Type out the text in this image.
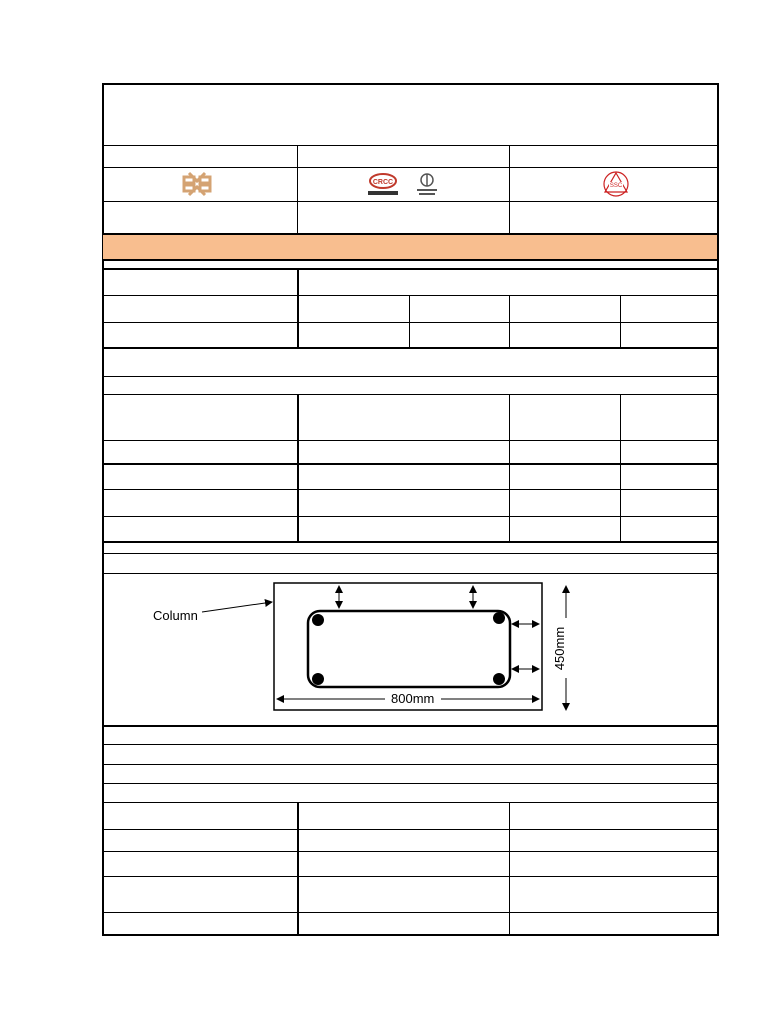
CRCC	SSC
Column
800mm
450mm
